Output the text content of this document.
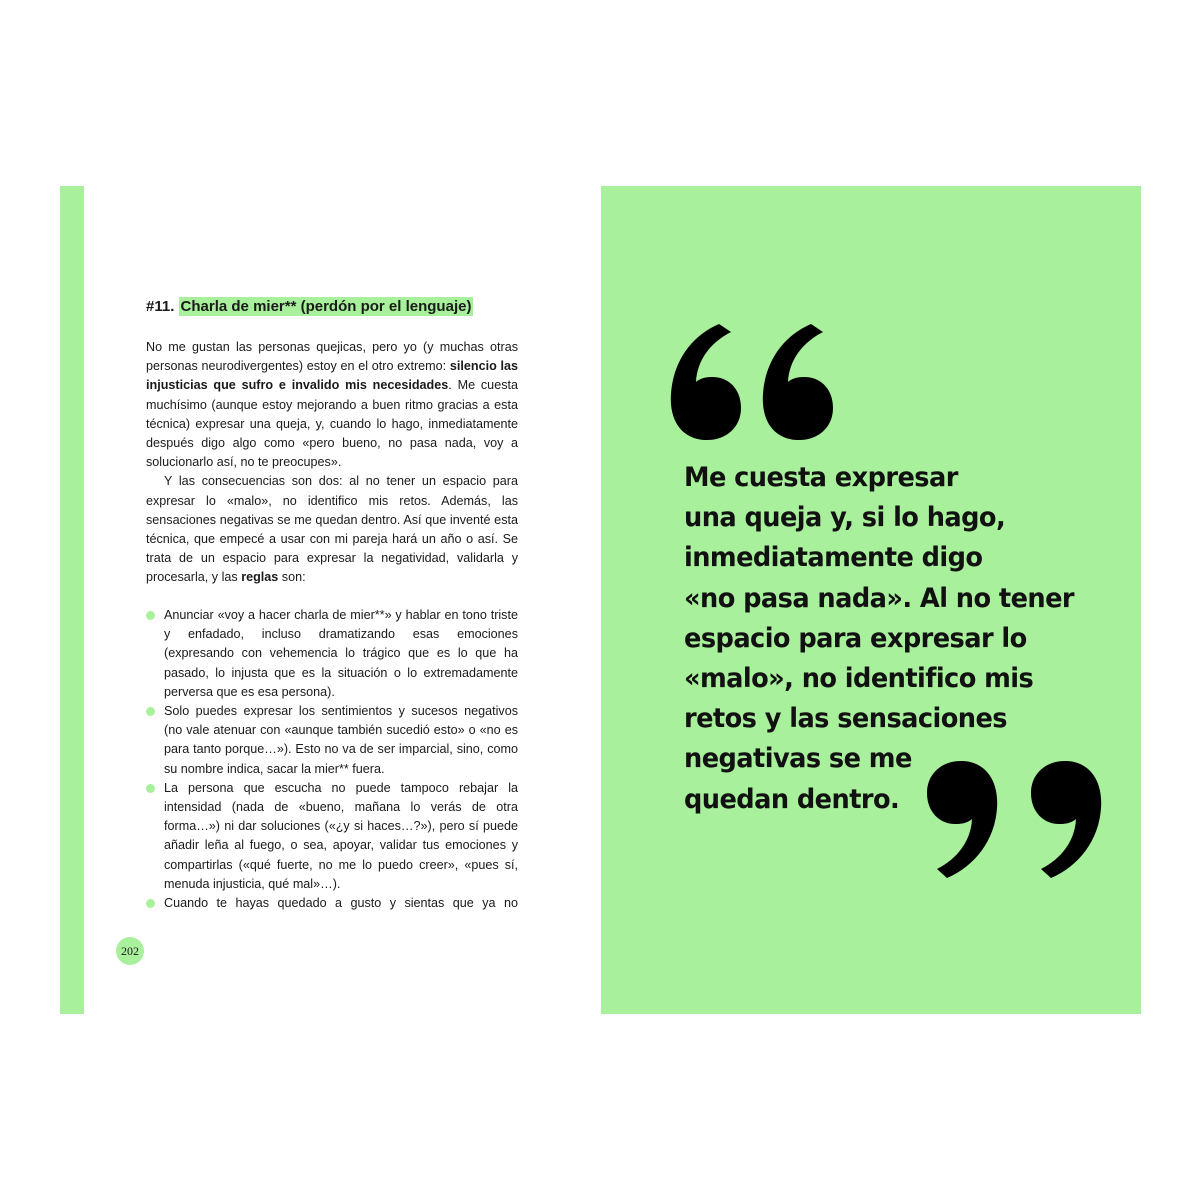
#11. Charla de mier** (perdón por el lenguaje)

No me gustan las personas quejicas, pero yo (y muchas otras personas neurodivergentes) estoy en el otro extremo: silencio las injusticias que sufro e invalido mis necesidades. Me cuesta muchísimo (aunque estoy mejorando a buen ritmo gracias a esta técnica) expresar una queja, y, cuando lo hago, inmediatamente después digo algo como «pero bueno, no pasa nada, voy a solucionarlo así, no te preocupes».

Y las consecuencias son dos: al no tener un espacio para expresar lo «malo», no identifico mis retos. Además, las sensaciones negativas se me quedan dentro. Así que inventé esta técnica, que empecé a usar con mi pareja hará un año o así. Se trata de un espacio para expresar la negatividad, validarla y procesarla, y las reglas son:

Anunciar «voy a hacer charla de mier**» y hablar en tono triste y enfadado, incluso dramatizando esas emociones (expresando con vehemencia lo trágico que es lo que ha pasado, lo injusta que es la situación o lo extremadamente perversa que es esa persona).
Solo puedes expresar los sentimientos y sucesos negativos (no vale atenuar con «aunque también sucedió esto» o «no es para tanto porque…»). Esto no va de ser imparcial, sino, como su nombre indica, sacar la mier** fuera.
La persona que escucha no puede tampoco rebajar la intensidad (nada de «bueno, mañana lo verás de otra forma…») ni dar soluciones («¿y si haces…?»), pero sí puede añadir leña al fuego, o sea, apoyar, validar tus emociones y compartirlas («qué fuerte, no me lo puedo creer», «pues sí, menuda injusticia, qué mal»…).
Cuando te hayas quedado a gusto y sientas que ya no
202
Me cuesta expresar
una queja y, si lo hago,
inmediatamente digo
«no pasa nada». Al no tener
espacio para expresar lo
«malo», no identifico mis
retos y las sensaciones
negativas se me
quedan dentro.
